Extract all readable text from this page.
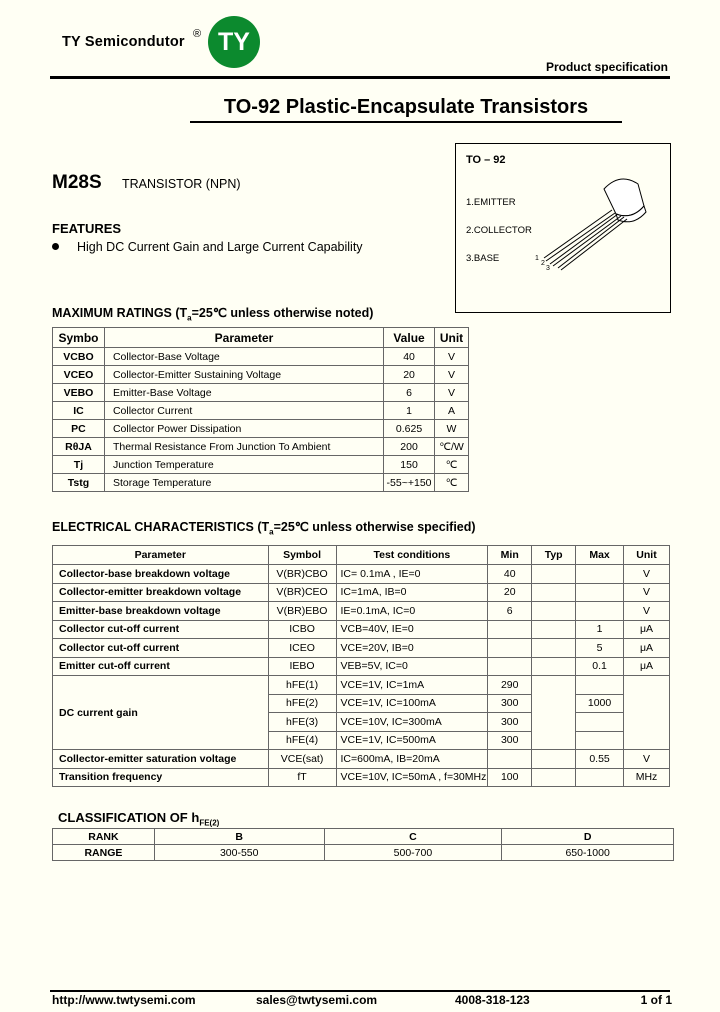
TY Semicondutor ® TY
Product specification
TO-92 Plastic-Encapsulate Transistors
M28S TRANSISTOR (NPN)
TO – 92
1.EMITTER
2.COLLECTOR
3.BASE	1
2
3
FEATURES
High DC Current Gain and Large Current Capability
MAXIMUM RATINGS ($T_a=25℃$ unless otherwise noted)
Symbo	Parameter	Value	Unit
VCBO	Collector-Base Voltage	40	V
VCEO	Collector-Emitter Sustaining Voltage	20	V
VEBO	Emitter-Base Voltage	6	V
IC	Collector Current	1	A
PC	Collector Power Dissipation	0.625	W
RθJA	Thermal Resistance From Junction To Ambient	200	℃/W
Tj	Junction Temperature	150	℃
Tstg	Storage Temperature	-55~+150	℃
ELECTRICAL CHARACTERISTICS ($T_a=25℃$ unless otherwise specified)
Parameter	Symbol	Test conditions	Min	Typ	Max	Unit
Collector-base breakdown voltage	V(BR)CBO	IC= 0.1mA , IE=0	40			V
Collector-emitter breakdown voltage	V(BR)CEO	IC=1mA, IB=0	20			V
Emitter-base breakdown voltage	V(BR)EBO	IE=0.1mA, IC=0	6			V
Collector cut-off current	ICBO	VCB=40V, IE=0			1	μA
Collector cut-off current	ICEO	VCE=20V, IB=0			5	μA
Emitter cut-off current	IEBO	VEB=5V, IC=0			0.1	μA
DC current gain	hFE(1)	VCE=1V, IC=1mA	290			
	hFE(2)	VCE=1V, IC=100mA	300		1000	
	hFE(3)	VCE=10V, IC=300mA	300			
	hFE(4)	VCE=1V, IC=500mA	300			
Collector-emitter saturation voltage	VCE(sat)	IC=600mA, IB=20mA			0.55	V
Transition frequency	fT	VCE=10V, IC=50mA , f=30MHz	100			MHz
CLASSIFICATION OF $h_{FE(2)}$
RANK	B	C	D
RANGE	300-550	500-700	650-1000
http://www.twtysemi.com	sales@twtysemi.com	4008-318-123	1 of 1
